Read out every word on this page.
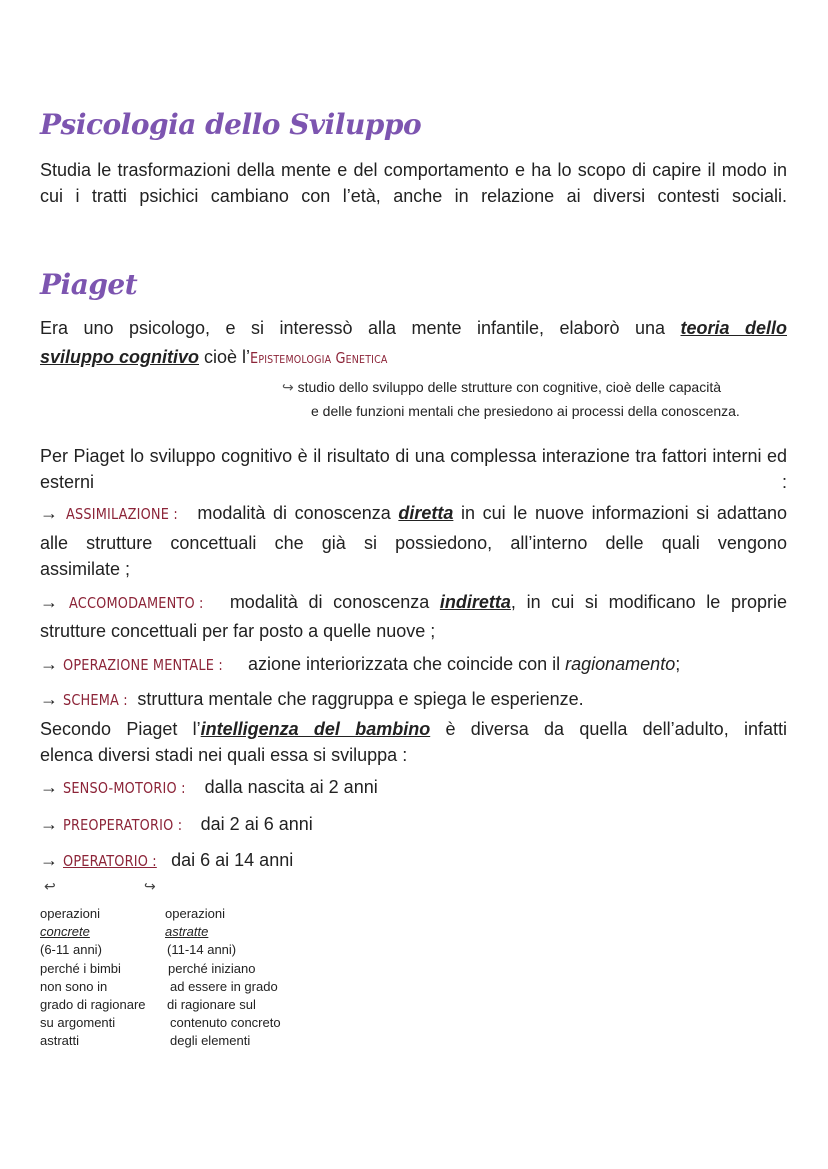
Psicologia dello Sviluppo

Studia le trasformazioni della mente e del comportamento e ha lo scopo di capire il modo in cui i tratti psichici cambiano con l’età, anche in relazione ai diversi contesti sociali.

Piaget
Era uno psicologo, e si interessò alla mente infantile, elaborò una teoria dello
sviluppo cognitivo cioè l’Epistemologia Genetica
↪ studio dello sviluppo delle strutture con cognitive, cioè delle capacità
e delle funzioni mentali che presiedono ai processi della conoscenza.

Per Piaget lo sviluppo cognitivo è il risultato di una complessa interazione tra fattori interni ed esterni :

→ ASSIMILAZIONE : modalità di conoscenza diretta in cui le nuove informazioni si adattano
alle strutture concettuali che già si possiedono, all’interno delle quali vengono
assimilate ;
→ ACCOMODAMENTO : modalità di conoscenza indiretta, in cui si modificano le proprie
strutture concettuali per far posto a quelle nuove ;
→ OPERAZIONE MENTALE : azione interiorizzata che coincide con il ragionamento;
→ SCHEMA : struttura mentale che raggruppa e spiega le esperienze.
Secondo Piaget l’intelligenza del bambino è diversa da quella dell’adulto, infatti
elenca diversi stadi nei quali essa si sviluppa :
→ SENSO-MOTORIO : dalla nascita ai 2 anni
→ PREOPERATORIO : dai 2 ai 6 anni
→ OPERATORIO : dai 6 ai 14 anni
↩	↪
operazioni
concrete
(6-11 anni)
perché i bimbi
non sono in
grado di ragionare
su argomenti
astratti
operazioni
astratte
(11-14 anni)
perché iniziano
ad essere in grado
di ragionare sul
contenuto concreto
degli elementi
